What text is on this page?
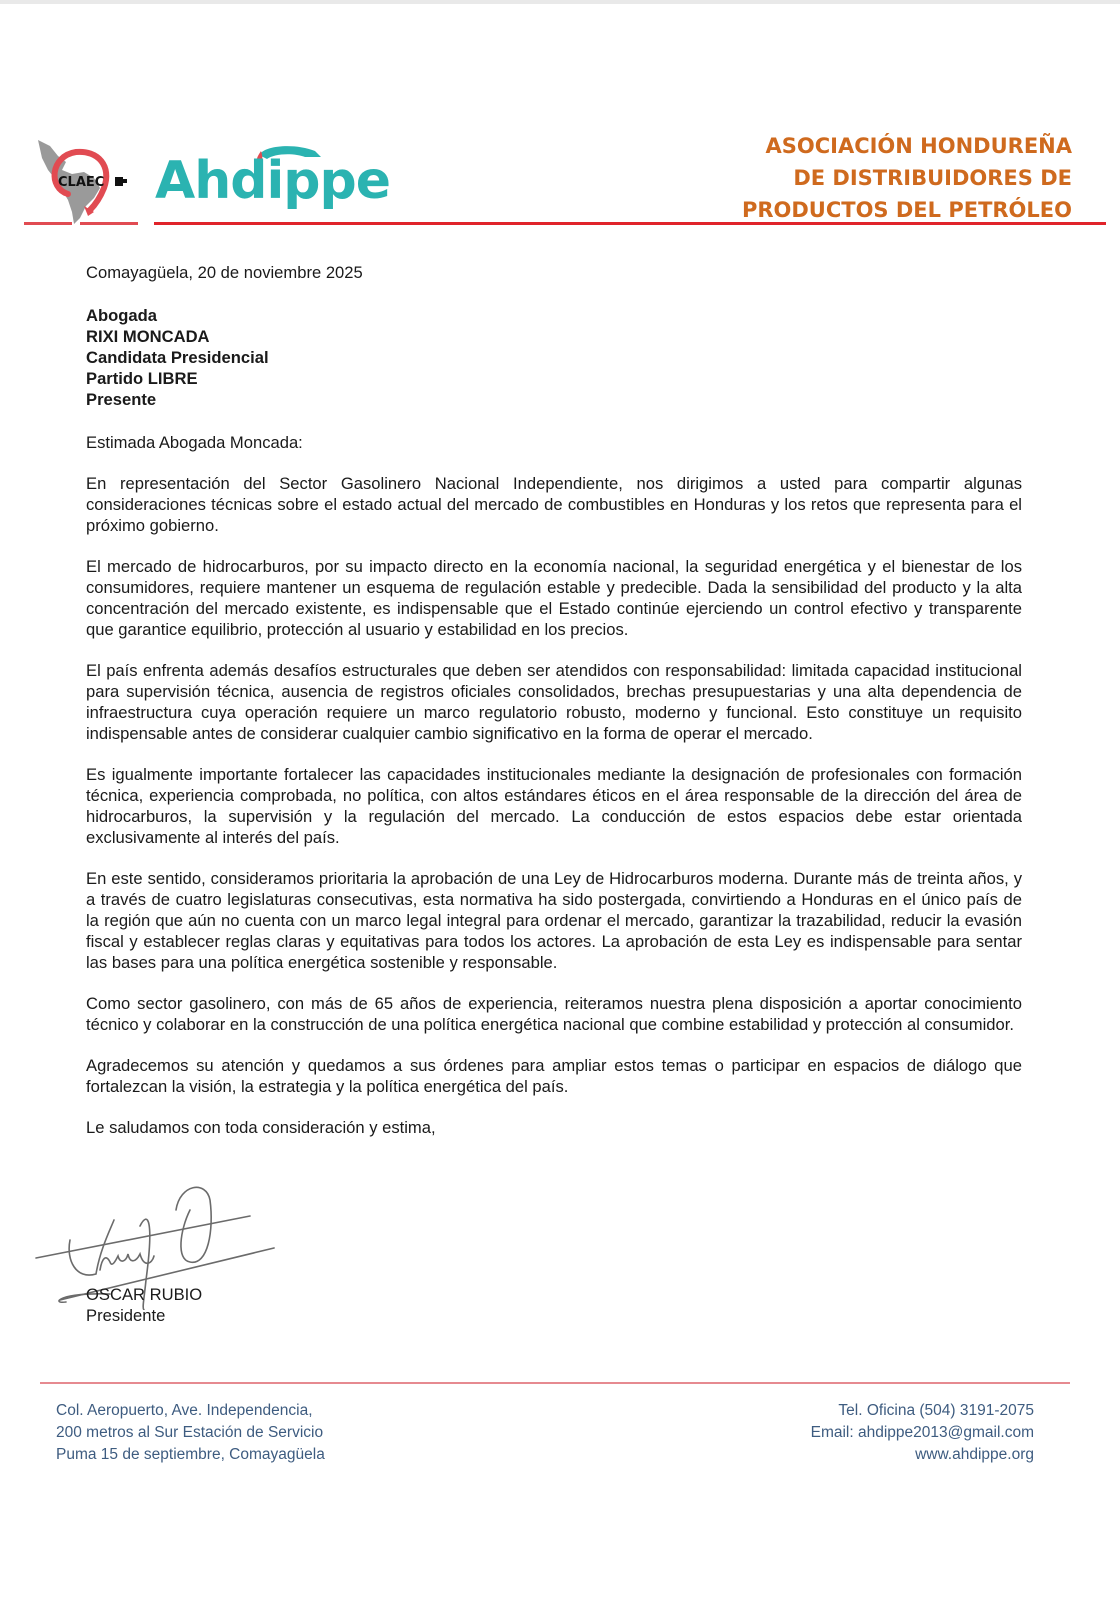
CLAEC Ahdippe
ASOCIACIÓN HONDUREÑA
DE DISTRIBUIDORES DE
PRODUCTOS DEL PETRÓLEO
Comayagüela, 20 de noviembre 2025
Abogada
RIXI MONCADA
Candidata Presidencial
Partido LIBRE
Presente
Estimada Abogada Moncada:

En representación del Sector Gasolinero Nacional Independiente, nos dirigimos a usted para compartir algunas consideraciones técnicas sobre el estado actual del mercado de combustibles en Honduras y los retos que representa para el próximo gobierno.

El mercado de hidrocarburos, por su impacto directo en la economía nacional, la seguridad energética y el bienestar de los consumidores, requiere mantener un esquema de regulación estable y predecible. Dada la sensibilidad del producto y la alta concentración del mercado existente, es indispensable que el Estado continúe ejerciendo un control efectivo y transparente que garantice equilibrio, protección al usuario y estabilidad en los precios.

El país enfrenta además desafíos estructurales que deben ser atendidos con responsabilidad: limitada capacidad institucional para supervisión técnica, ausencia de registros oficiales consolidados, brechas presupuestarias y una alta dependencia de infraestructura cuya operación requiere un marco regulatorio robusto, moderno y funcional. Esto constituye un requisito indispensable antes de considerar cualquier cambio significativo en la forma de operar el mercado.

Es igualmente importante fortalecer las capacidades institucionales mediante la designación de profesionales con formación técnica, experiencia comprobada, no política, con altos estándares éticos en el área responsable de la dirección del área de hidrocarburos, la supervisión y la regulación del mercado. La conducción de estos espacios debe estar orientada exclusivamente al interés del país.

En este sentido, consideramos prioritaria la aprobación de una Ley de Hidrocarburos moderna. Durante más de treinta años, y a través de cuatro legislaturas consecutivas, esta normativa ha sido postergada, convirtiendo a Honduras en el único país de la región que aún no cuenta con un marco legal integral para ordenar el mercado, garantizar la trazabilidad, reducir la evasión fiscal y establecer reglas claras y equitativas para todos los actores. La aprobación de esta Ley es indispensable para sentar las bases para una política energética sostenible y responsable.

Como sector gasolinero, con más de 65 años de experiencia, reiteramos nuestra plena disposición a aportar conocimiento técnico y colaborar en la construcción de una política energética nacional que combine estabilidad y protección al consumidor.

Agradecemos su atención y quedamos a sus órdenes para ampliar estos temas o participar en espacios de diálogo que fortalezcan la visión, la estrategia y la política energética del país.

Le saludamos con toda consideración y estima,

OSCAR RUBIO
Presidente
Col. Aeropuerto, Ave. Independencia,
200 metros al Sur Estación de Servicio
Puma 15 de septiembre, Comayagüela
Tel. Oficina (504) 3191-2075
Email: ahdippe2013@gmail.com
www.ahdippe.org
